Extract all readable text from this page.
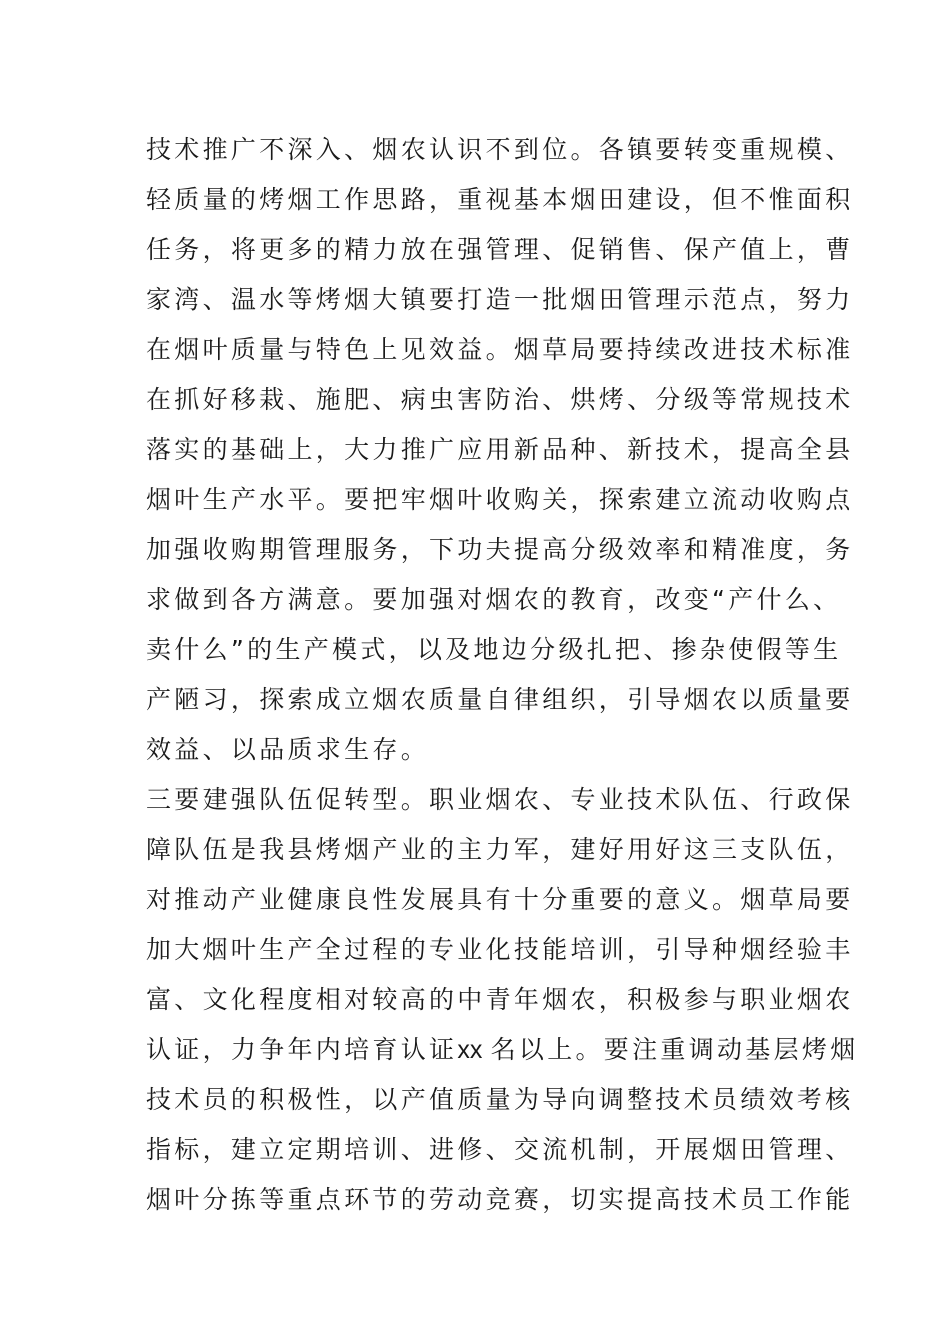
技术推广不深入、烟农认识不到位。各镇要转变重规模、
轻质量的烤烟工作思路，重视基本烟田建设，但不惟面积
任务，将更多的精力放在强管理、促销售、保产值上，曹
家湾、温水等烤烟大镇要打造一批烟田管理示范点，努力
在烟叶质量与特色上见效益。烟草局要持续改进技术标准
在抓好移栽、施肥、病虫害防治、烘烤、分级等常规技术
落实的基础上，大力推广应用新品种、新技术，提高全县
烟叶生产水平。要把牢烟叶收购关，探索建立流动收购点
加强收购期管理服务，下功夫提高分级效率和精准度，务
求做到各方满意。要加强对烟农的教育，改变“产什么、
卖什么”的生产模式，以及地边分级扎把、掺杂使假等生
产陋习，探索成立烟农质量自律组织，引导烟农以质量要
效益、以品质求生存。
三要建强队伍促转型。职业烟农、专业技术队伍、行政保
障队伍是我县烤烟产业的主力军，建好用好这三支队伍，
对推动产业健康良性发展具有十分重要的意义。烟草局要
加大烟叶生产全过程的专业化技能培训，引导种烟经验丰
富、文化程度相对较高的中青年烟农，积极参与职业烟农
认证，力争年内培育认证xx  名以上。要注重调动基层烤烟
技术员的积极性，以产值质量为导向调整技术员绩效考核
指标，建立定期培训、进修、交流机制，开展烟田管理、
烟叶分拣等重点环节的劳动竞赛，切实提高技术员工作能
